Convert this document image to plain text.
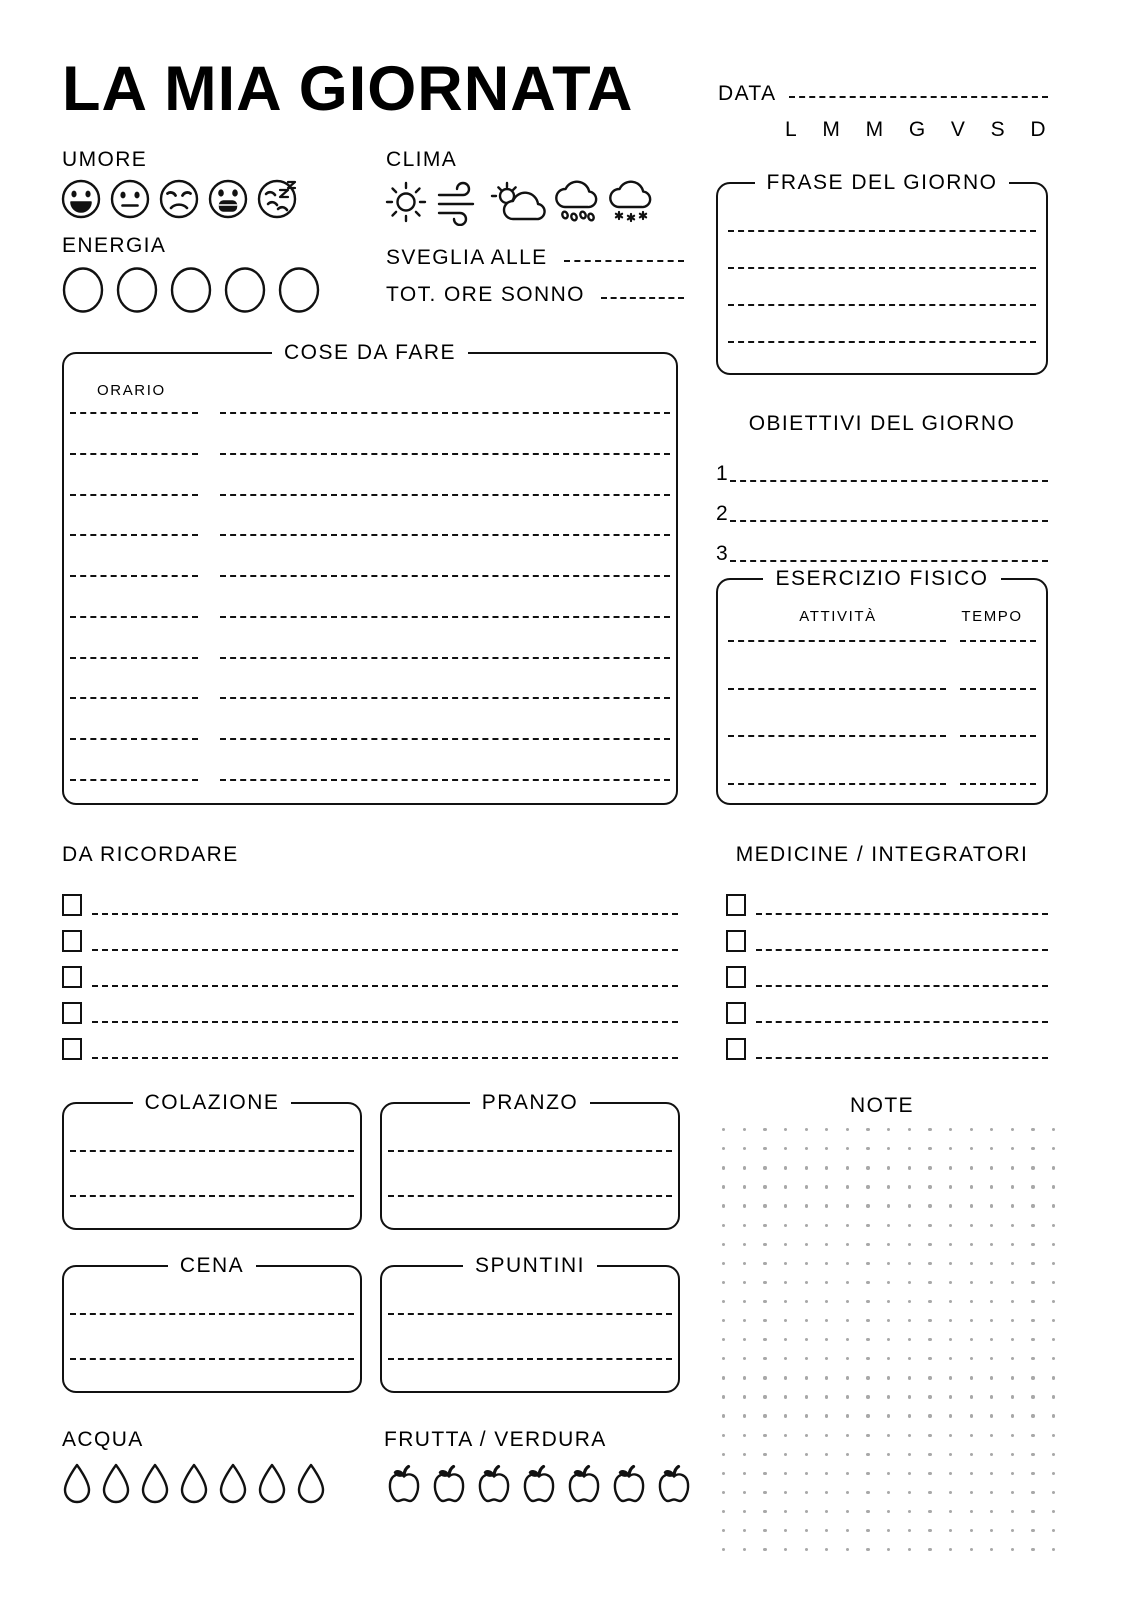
LA MIA GIORNATA	DATA
L M M G V S D
UMORE
ENERGIA
CLIMA
SVEGLIA ALLE
TOT. ORE SONNO
FRASE DEL GIORNO
COSE DA FARE
ORARIO
OBIETTIVI DEL GIORNO
1
2
3
ESERCIZIO FISICO
ATTIVITÀ	TEMPO
DA RICORDARE	MEDICINE / INTEGRATORI
COLAZIONE	PRANZO
CENA	SPUNTINI
ACQUA	FRUTTA / VERDURA
NOTE
